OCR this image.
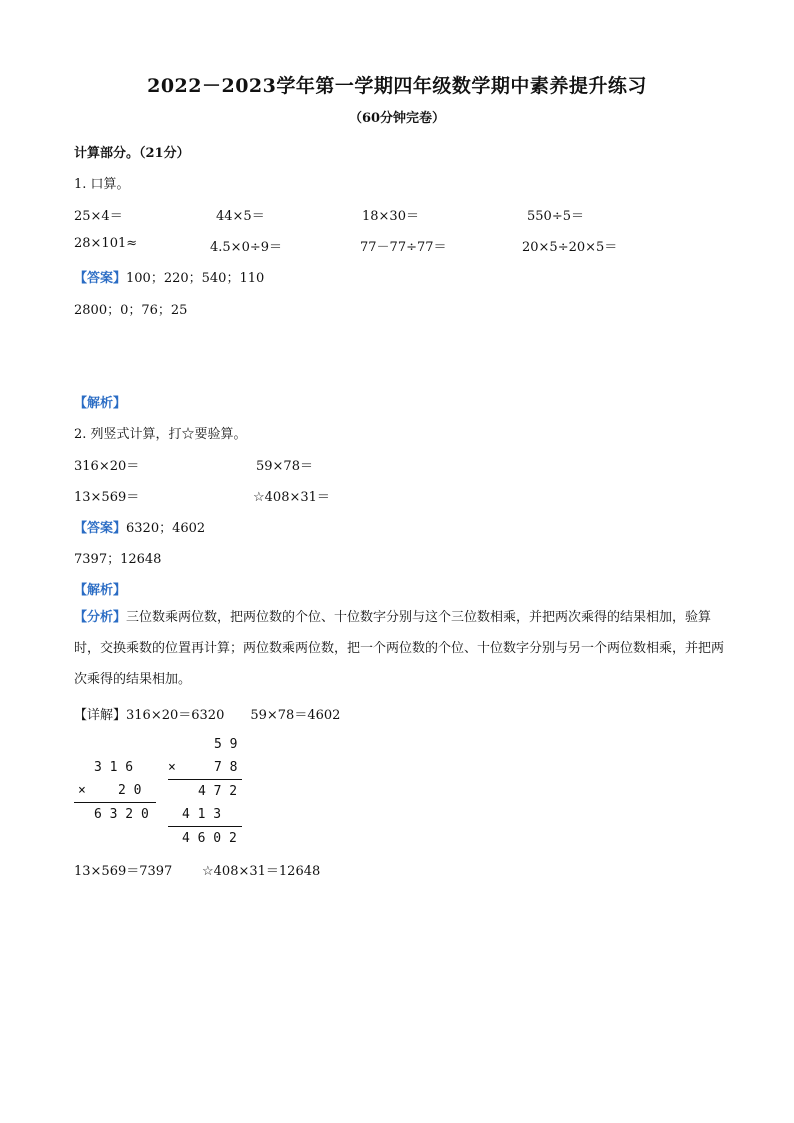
2022－2023学年第一学期四年级数学期中素养提升练习
（60分钟完卷）
计算部分。（21分）
1. 口算。
25×4＝	44×5＝	18×30＝	550÷5＝
28×101≈	4.5×0÷9＝	77－77÷77＝	20×5÷20×5＝
【答案】100；220；540；110
2800；0；76；25
【解析】
2. 列竖式计算，打☆要验算。
316×20＝	59×78＝
13×569＝	☆408×31＝
【答案】6320；4602
7397；12648
【解析】
【分析】三位数乘两位数，把两位数的个位、十位数字分别与这个三位数相乘，并把两次乘得的结果相加，验算时，交换乘数的位置再计算；两位数乘两位数，把一个两位数的个位、十位数字分别与另一个两位数相乘，并把两次乘得的结果相加。
【详解】316×20＝6320　　59×78＝4602
3 1 6
× 2 0
6 3 2 0
5 9
×	7 8
4 7 2
4 1 3
4 6 0 2
13×569＝7397 ☆408×31＝12648
